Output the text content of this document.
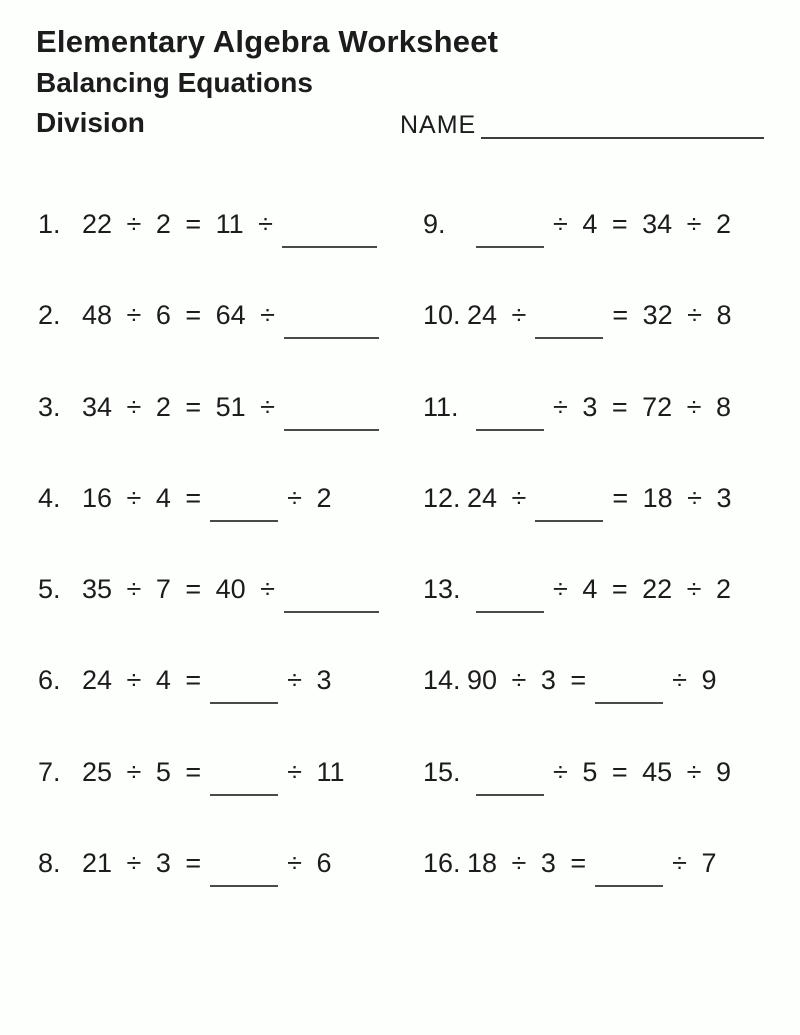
Elementary Algebra Worksheet
Balancing Equations
Division	NAME
1. 22 ÷ 2 = 11 ÷	9.	÷ 4 = 34 ÷ 2
2. 48 ÷ 6 = 64 ÷	10. 24 ÷	= 32 ÷ 8
3. 34 ÷ 2 = 51 ÷	11.	÷ 3 = 72 ÷ 8
4. 16 ÷ 4 =	÷ 2	12. 24 ÷	= 18 ÷ 3
5. 35 ÷ 7 = 40 ÷	13.	÷ 4 = 22 ÷ 2
6. 24 ÷ 4 =	÷ 3	14. 90 ÷ 3 =	÷ 9
7. 25 ÷ 5 =	÷ 11	15.	÷ 5 = 45 ÷ 9
8. 21 ÷ 3 =	÷ 6	16. 18 ÷ 3 =	÷ 7
